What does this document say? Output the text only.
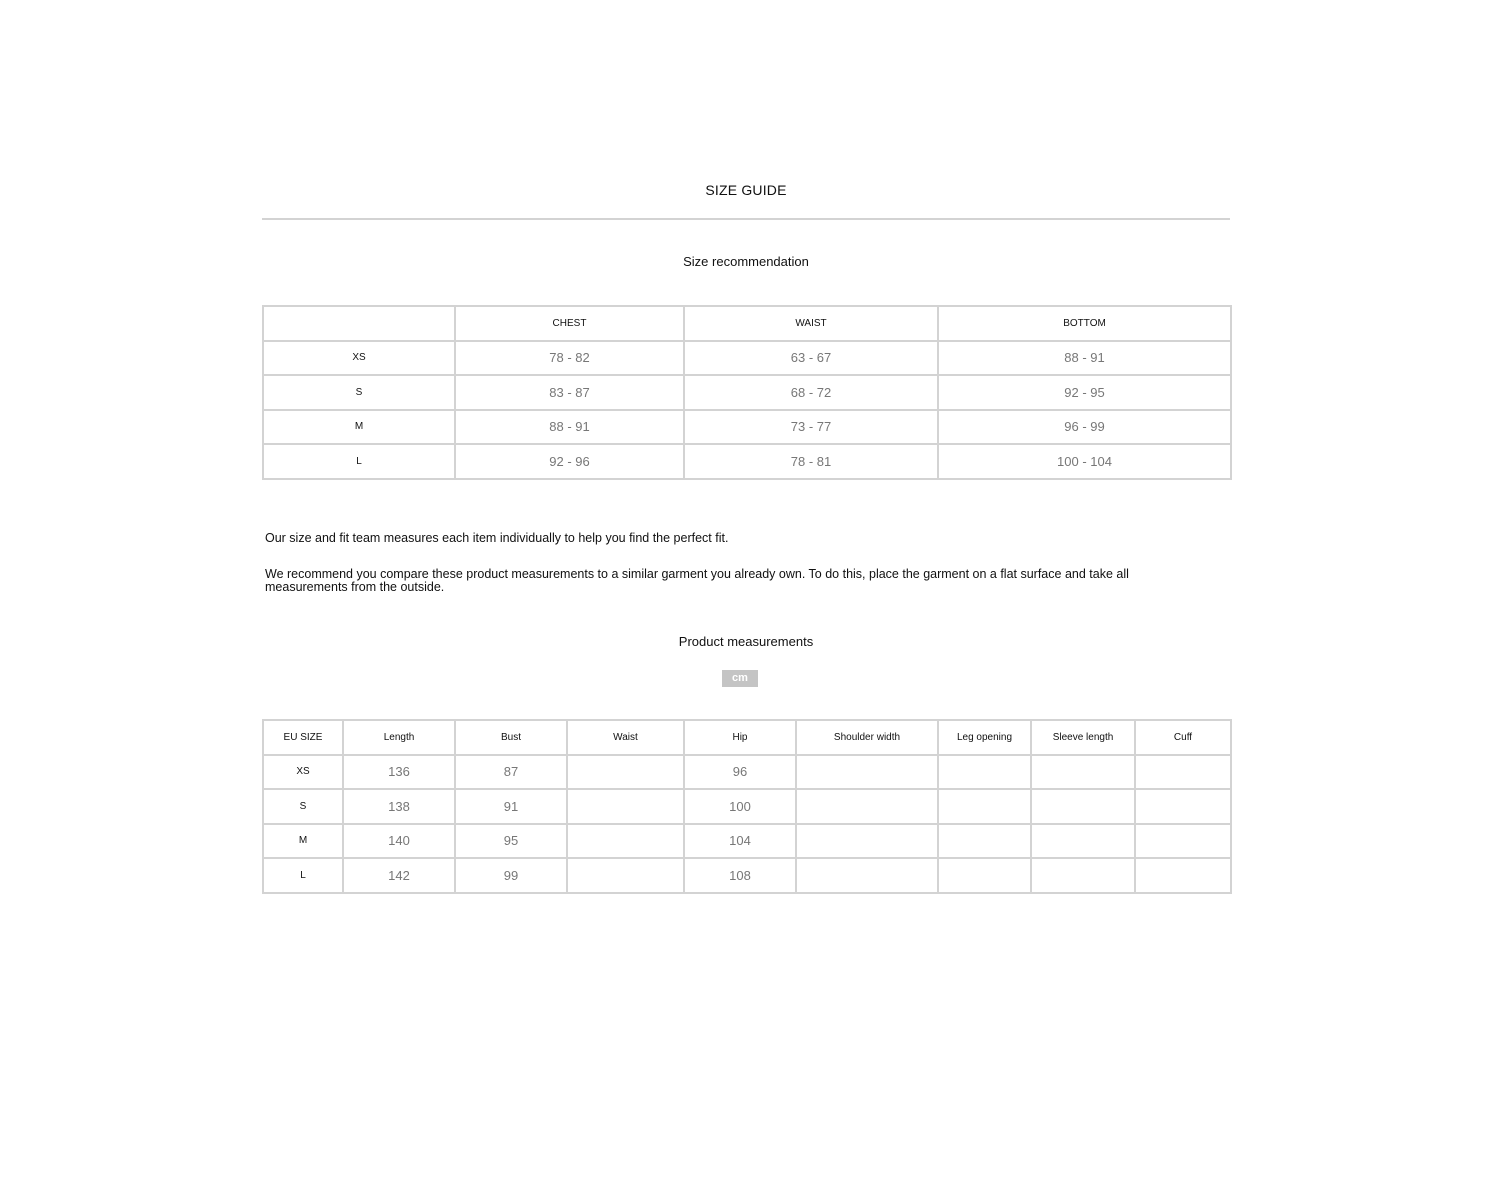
SIZE GUIDE
Size recommendation
	CHEST	WAIST	BOTTOM
XS	78 - 82	63 - 67	88 - 91
S	83 - 87	68 - 72	92 - 95
M	88 - 91	73 - 77	96 - 99
L	92 - 96	78 - 81	100 - 104
Our size and fit team measures each item individually to help you find the perfect fit.
We recommend you compare these product measurements to a similar garment you already own. To do this, place the garment on a flat surface and take all measurements from the outside.
Product measurements
cm
EU SIZE	Length	Bust	Waist	Hip	Shoulder width	Leg opening	Sleeve length	Cuff
XS	136	87		96				
S	138	91		100				
M	140	95		104				
L	142	99		108				
